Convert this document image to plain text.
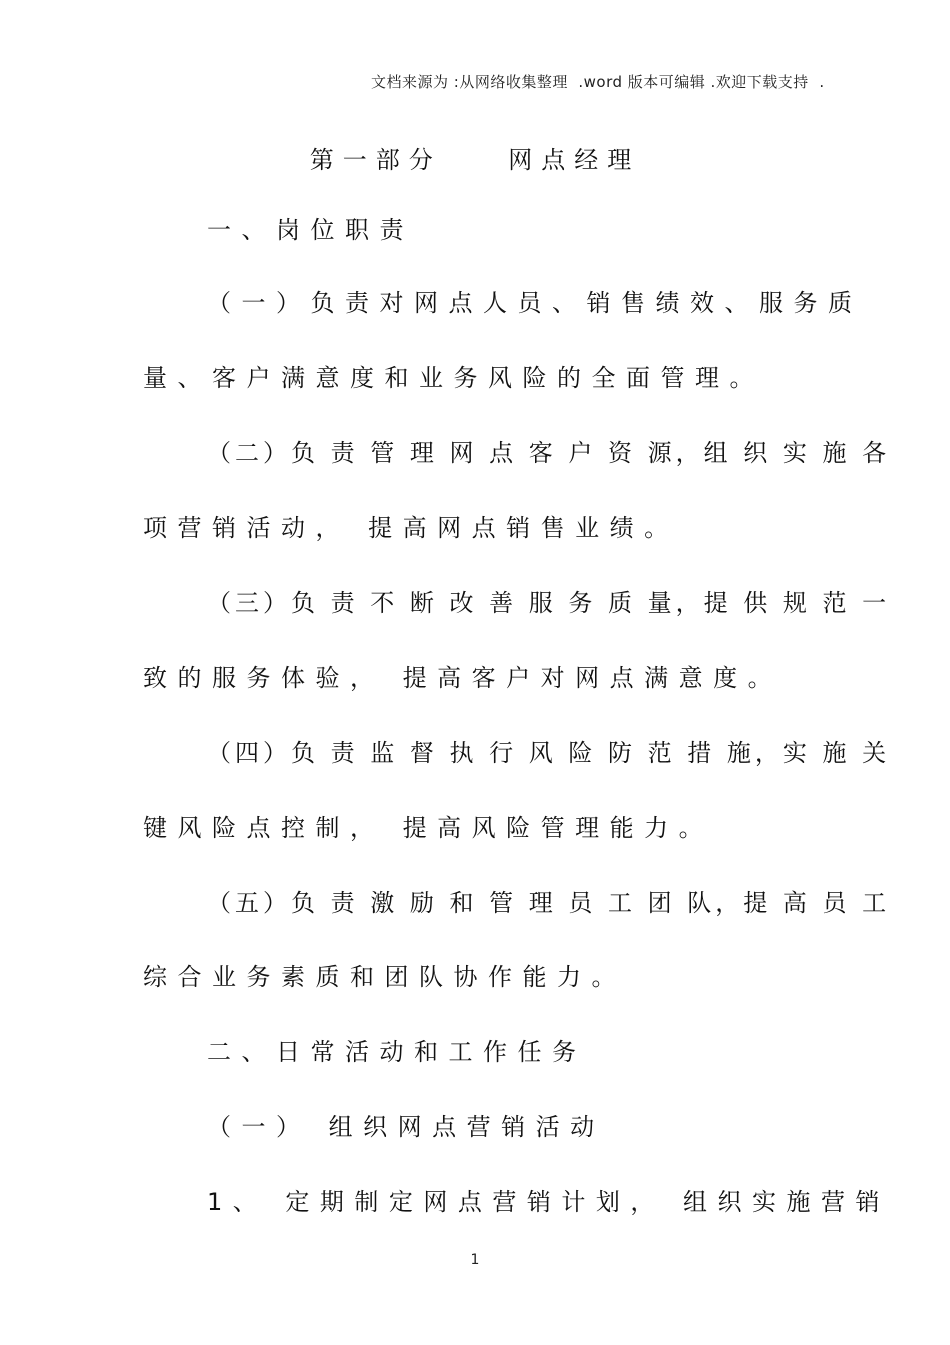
文档来源为 :从网络收集整理  .word 版本可编辑 .欢迎下载支持  .
第一部分    网点经理
一、岗位职责
（一）负责对网点人员、销售绩效、服务质
量、客户满意度和业务风险的全面管理。
（二）负 责 管 理 网 点 客 户 资 源，组 织 实 施 各
项营销活动， 提高网点销售业绩。
（三）负 责 不 断 改 善 服 务 质 量，提 供 规 范 一
致的服务体验， 提高客户对网点满意度。
（四）负 责 监 督 执 行 风 险 防 范 措 施，实 施 关
键风险点控制， 提高风险管理能力。
（五）负 责 激 励 和 管 理 员 工 团 队，提 高 员 工
综合业务素质和团队协作能力。
二、日常活动和工作任务
（一） 组织网点营销活动
1、 定期制定网点营销计划， 组织实施营销
1
